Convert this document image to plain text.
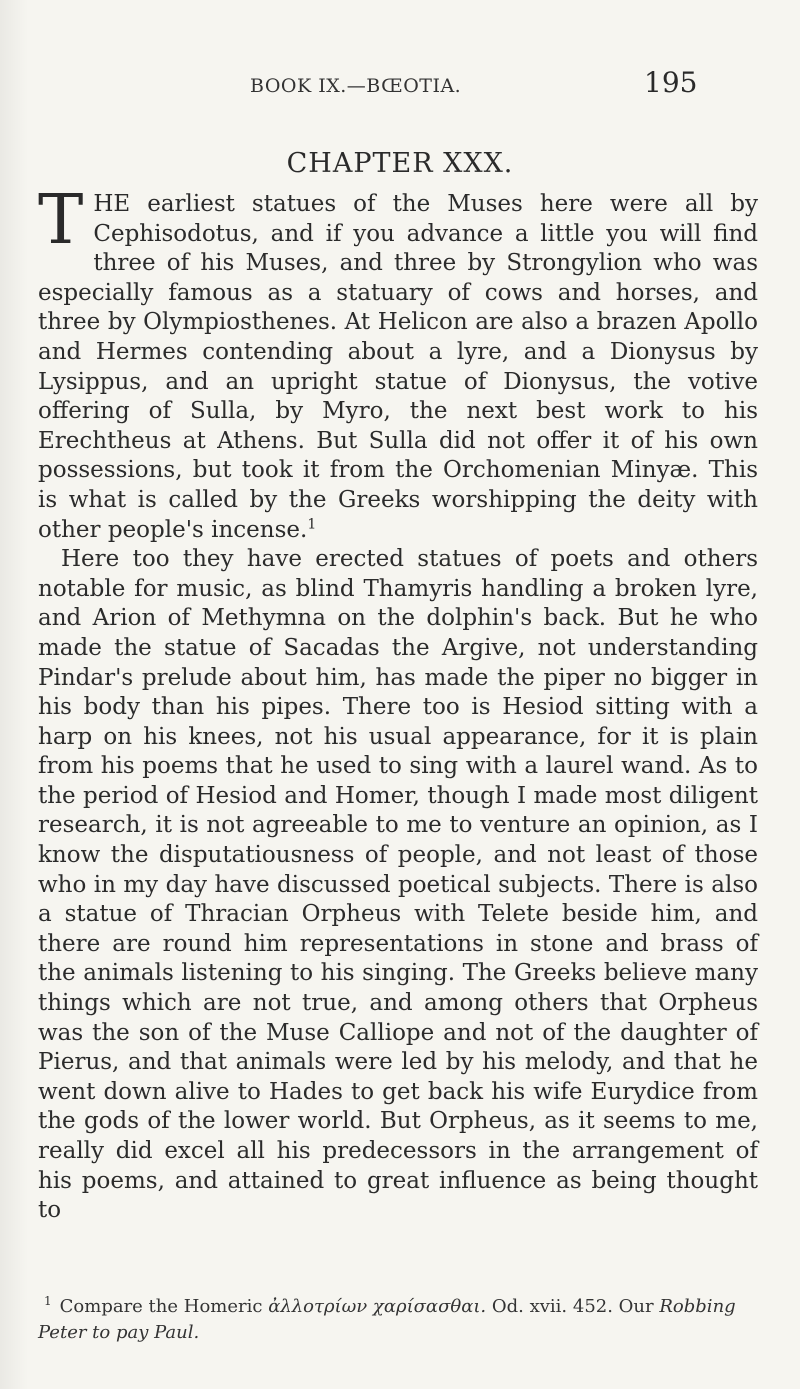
BOOK IX.—BŒOTIA.	195
CHAPTER XXX.

THE earliest statues of the Muses here were all by Cephisodotus, and if you advance a little you will find three of his Muses, and three by Strongylion who was especially famous as a statuary of cows and horses, and three by Olympiosthenes. At Helicon are also a brazen Apollo and Hermes contending about a lyre, and a Dionysus by Lysippus, and an upright statue of Dionysus, the votive offering of Sulla, by Myro, the next best work to his Erechtheus at Athens. But Sulla did not offer it of his own possessions, but took it from the Orchomenian Minyæ. This is what is called by the Greeks worshipping the deity with other people's incense.$^1$

Here too they have erected statues of poets and others notable for music, as blind Thamyris handling a broken lyre, and Arion of Methymna on the dolphin's back. But he who made the statue of Sacadas the Argive, not understanding Pindar's prelude about him, has made the piper no bigger in his body than his pipes. There too is Hesiod sitting with a harp on his knees, not his usual appearance, for it is plain from his poems that he used to sing with a laurel wand. As to the period of Hesiod and Homer, though I made most diligent research, it is not agreeable to me to venture an opinion, as I know the disputatiousness of people, and not least of those who in my day have discussed poetical subjects. There is also a statue of Thracian Orpheus with Telete beside him, and there are round him representations in stone and brass of the animals listening to his singing. The Greeks believe many things which are not true, and among others that Orpheus was the son of the Muse Calliope and not of the daughter of Pierus, and that animals were led by his melody, and that he went down alive to Hades to get back his wife Eurydice from the gods of the lower world. But Orpheus, as it seems to me, really did excel all his predecessors in the arrangement of his poems, and attained to great influence as being thought to

$^1$ Compare the Homeric ἀλλοτρίων χαρίσασθαι. Od. xvii. 452. Our Robbing Peter to pay Paul.
